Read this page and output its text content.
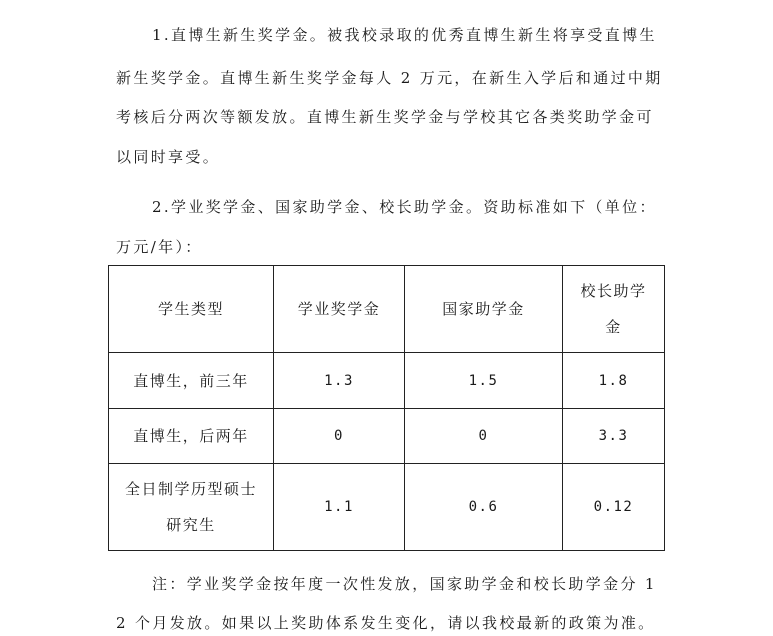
1.直博生新生奖学金。被我校录取的优秀直博生新生将享受直博生
新生奖学金。直博生新生奖学金每人 2 万元，在新生入学后和通过中期
考核后分两次等额发放。直博生新生奖学金与学校其它各类奖助学金可
以同时享受。
2.学业奖学金、国家助学金、校长助学金。资助标准如下（单位：
万元/年）：
学生类型	学业奖学金	国家助学金	校长助学金
直博生，前三年	1.3	1.5	1.8
直博生，后两年	0	0	3.3
全日制学历型硕士研究生	1.1	0.6	0.12
注：学业奖学金按年度一次性发放，国家助学金和校长助学金分 1
2 个月发放。如果以上奖助体系发生变化，请以我校最新的政策为准。
